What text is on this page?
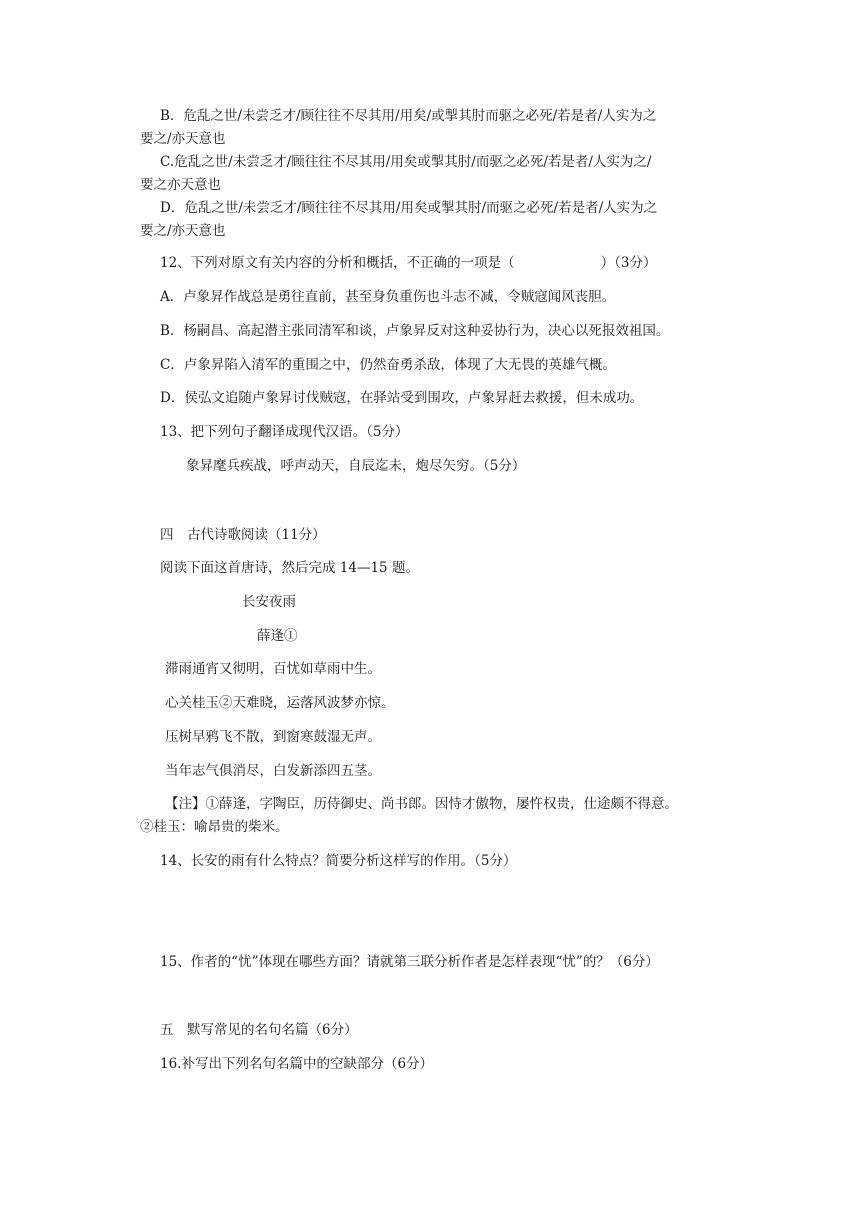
B．危乱之世/未尝乏才/顾往往不尽其用/用矣/或掣其肘而驱之必死/若是者/人实为之
要之/亦天意也
C.危乱之世/未尝乏才/顾往往不尽其用/用矣或掣其肘/而驱之必死/若是者/人实为之/
要之亦天意也
D．危乱之世/未尝乏才/顾往往不尽其用/用矣或掣其肘/而驱之必死/若是者/人实为之
要之/亦天意也
12、下列对原文有关内容的分析和概括，不正确的一项是（	）（3分）
A．卢象昇作战总是勇往直前，甚至身负重伤也斗志不减，令贼寇闻风丧胆。
B．杨嗣昌、高起潜主张同清军和谈，卢象昇反对这种妥协行为，决心以死报效祖国。
C．卢象昇陷入清军的重围之中，仍然奋勇杀敌，体现了大无畏的英雄气概。
D．侯弘文追随卢象昇讨伐贼寇，在驿站受到围攻，卢象昇赶去救援，但未成功。
13、把下列句子翻译成现代汉语。（5分）
象昇麾兵疾战，呼声动天，自辰迄未，炮尽矢穷。（5分）
四　古代诗歌阅读（11分）
阅读下面这首唐诗，然后完成 14—15 题。
长安夜雨
薛逢①
滞雨通宵又彻明，百忧如草雨中生。
心关桂玉②天难晓，运落风波梦亦惊。
压树早鸦飞不散，到窗寒鼓湿无声。
当年志气俱消尽，白发新添四五茎。
【注】①薛逢，字陶臣，历侍御史、尚书郎。因恃才傲物，屡忤权贵，仕途颇不得意。
②桂玉：喻昂贵的柴米。
14、长安的雨有什么特点？简要分析这样写的作用。（5分）
15、作者的“忧”体现在哪些方面？请就第三联分析作者是怎样表现“忧”的？（6分）
五　默写常见的名句名篇（6分）
16.补写出下列名句名篇中的空缺部分（6分）
